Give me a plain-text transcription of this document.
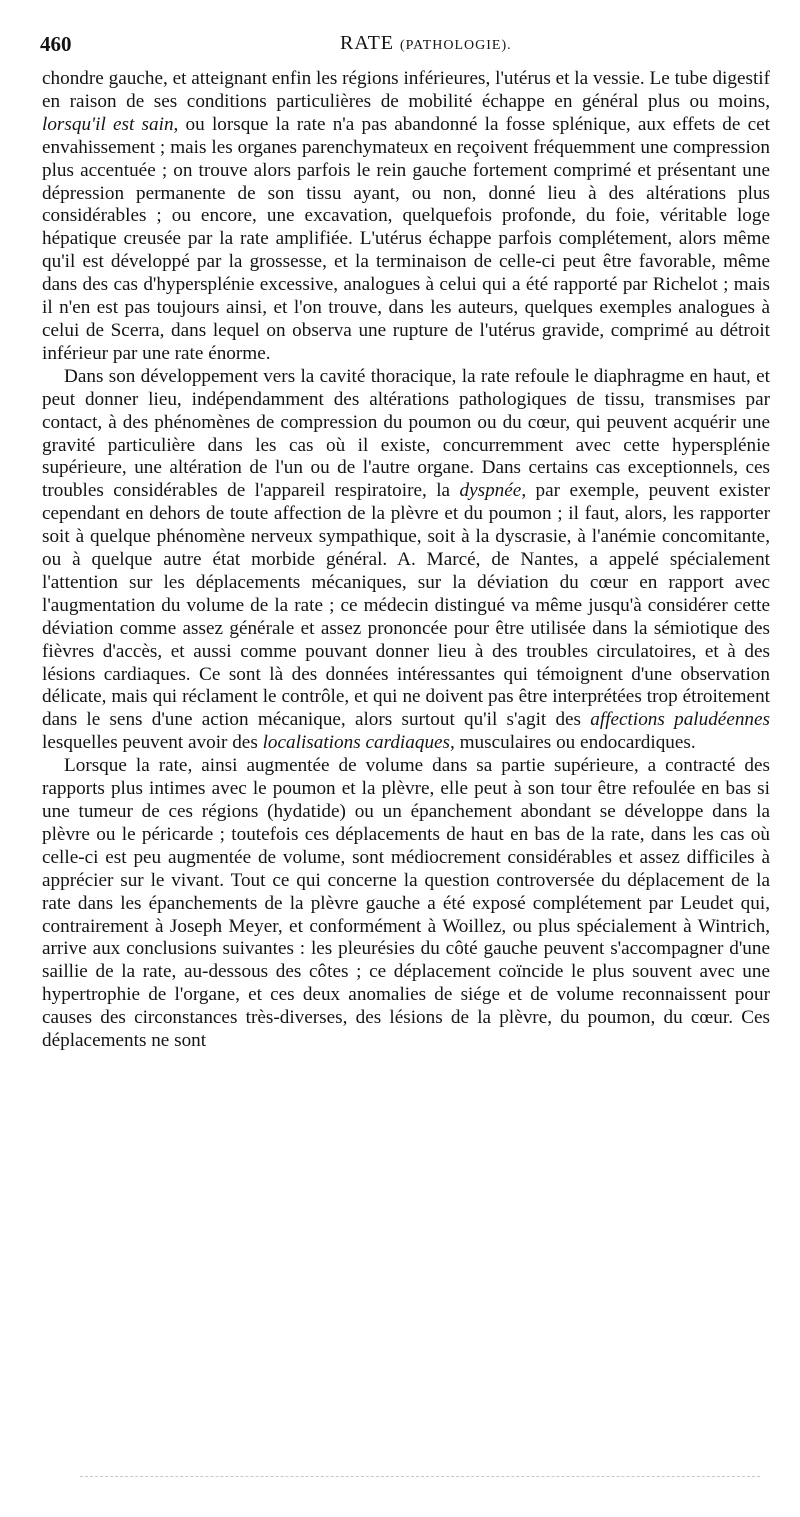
460	RATE (PATHOLOGIE).

chondre gauche, et atteignant enfin les régions inférieures, l'utérus et la vessie. Le tube digestif en raison de ses conditions particulières de mobilité échappe en général plus ou moins, lorsqu'il est sain, ou lorsque la rate n'a pas abandonné la fosse splénique, aux effets de cet envahissement ; mais les organes parenchymateux en reçoivent fréquemment une compression plus accentuée ; on trouve alors parfois le rein gauche fortement comprimé et présentant une dépression permanente de son tissu ayant, ou non, donné lieu à des altérations plus considérables ; ou encore, une excavation, quelquefois profonde, du foie, véritable loge hépatique creusée par la rate amplifiée. L'utérus échappe parfois complétement, alors même qu'il est développé par la grossesse, et la terminaison de celle-ci peut être favorable, même dans des cas d'hypersplénie excessive, analogues à celui qui a été rapporté par Richelot ; mais il n'en est pas toujours ainsi, et l'on trouve, dans les auteurs, quelques exemples analogues à celui de Scerra, dans lequel on observa une rupture de l'utérus gravide, comprimé au détroit inférieur par une rate énorme.

Dans son développement vers la cavité thoracique, la rate refoule le diaphragme en haut, et peut donner lieu, indépendamment des altérations pathologiques de tissu, transmises par contact, à des phénomènes de compression du poumon ou du cœur, qui peuvent acquérir une gravité particulière dans les cas où il existe, concurremment avec cette hypersplénie supérieure, une altération de l'un ou de l'autre organe. Dans certains cas exceptionnels, ces troubles considérables de l'appareil respiratoire, la dyspnée, par exemple, peuvent exister cependant en dehors de toute affection de la plèvre et du poumon ; il faut, alors, les rapporter soit à quelque phénomène nerveux sympathique, soit à la dyscrasie, à l'anémie concomitante, ou à quelque autre état morbide général. A. Marcé, de Nantes, a appelé spécialement l'attention sur les déplacements mécaniques, sur la déviation du cœur en rapport avec l'augmentation du volume de la rate ; ce médecin distingué va même jusqu'à considérer cette déviation comme assez générale et assez prononcée pour être utilisée dans la sémiotique des fièvres d'accès, et aussi comme pouvant donner lieu à des troubles circulatoires, et à des lésions cardiaques. Ce sont là des données intéressantes qui témoignent d'une observation délicate, mais qui réclament le contrôle, et qui ne doivent pas être interprétées trop étroitement dans le sens d'une action mécanique, alors surtout qu'il s'agit des affections paludéennes lesquelles peuvent avoir des localisations cardiaques, musculaires ou endocardiques.

Lorsque la rate, ainsi augmentée de volume dans sa partie supérieure, a contracté des rapports plus intimes avec le poumon et la plèvre, elle peut à son tour être refoulée en bas si une tumeur de ces régions (hydatide) ou un épanchement abondant se développe dans la plèvre ou le péricarde ; toutefois ces déplacements de haut en bas de la rate, dans les cas où celle-ci est peu augmentée de volume, sont médiocrement considérables et assez difficiles à apprécier sur le vivant. Tout ce qui concerne la question controversée du déplacement de la rate dans les épanchements de la plèvre gauche a été exposé complétement par Leudet qui, contrairement à Joseph Meyer, et conformément à Woillez, ou plus spécialement à Wintrich, arrive aux conclusions suivantes : les pleurésies du côté gauche peuvent s'accompagner d'une saillie de la rate, au-dessous des côtes ; ce déplacement coïncide le plus souvent avec une hypertrophie de l'organe, et ces deux anomalies de siége et de volume reconnaissent pour causes des circonstances très-diverses, des lésions de la plèvre, du poumon, du cœur. Ces déplacements ne sont
